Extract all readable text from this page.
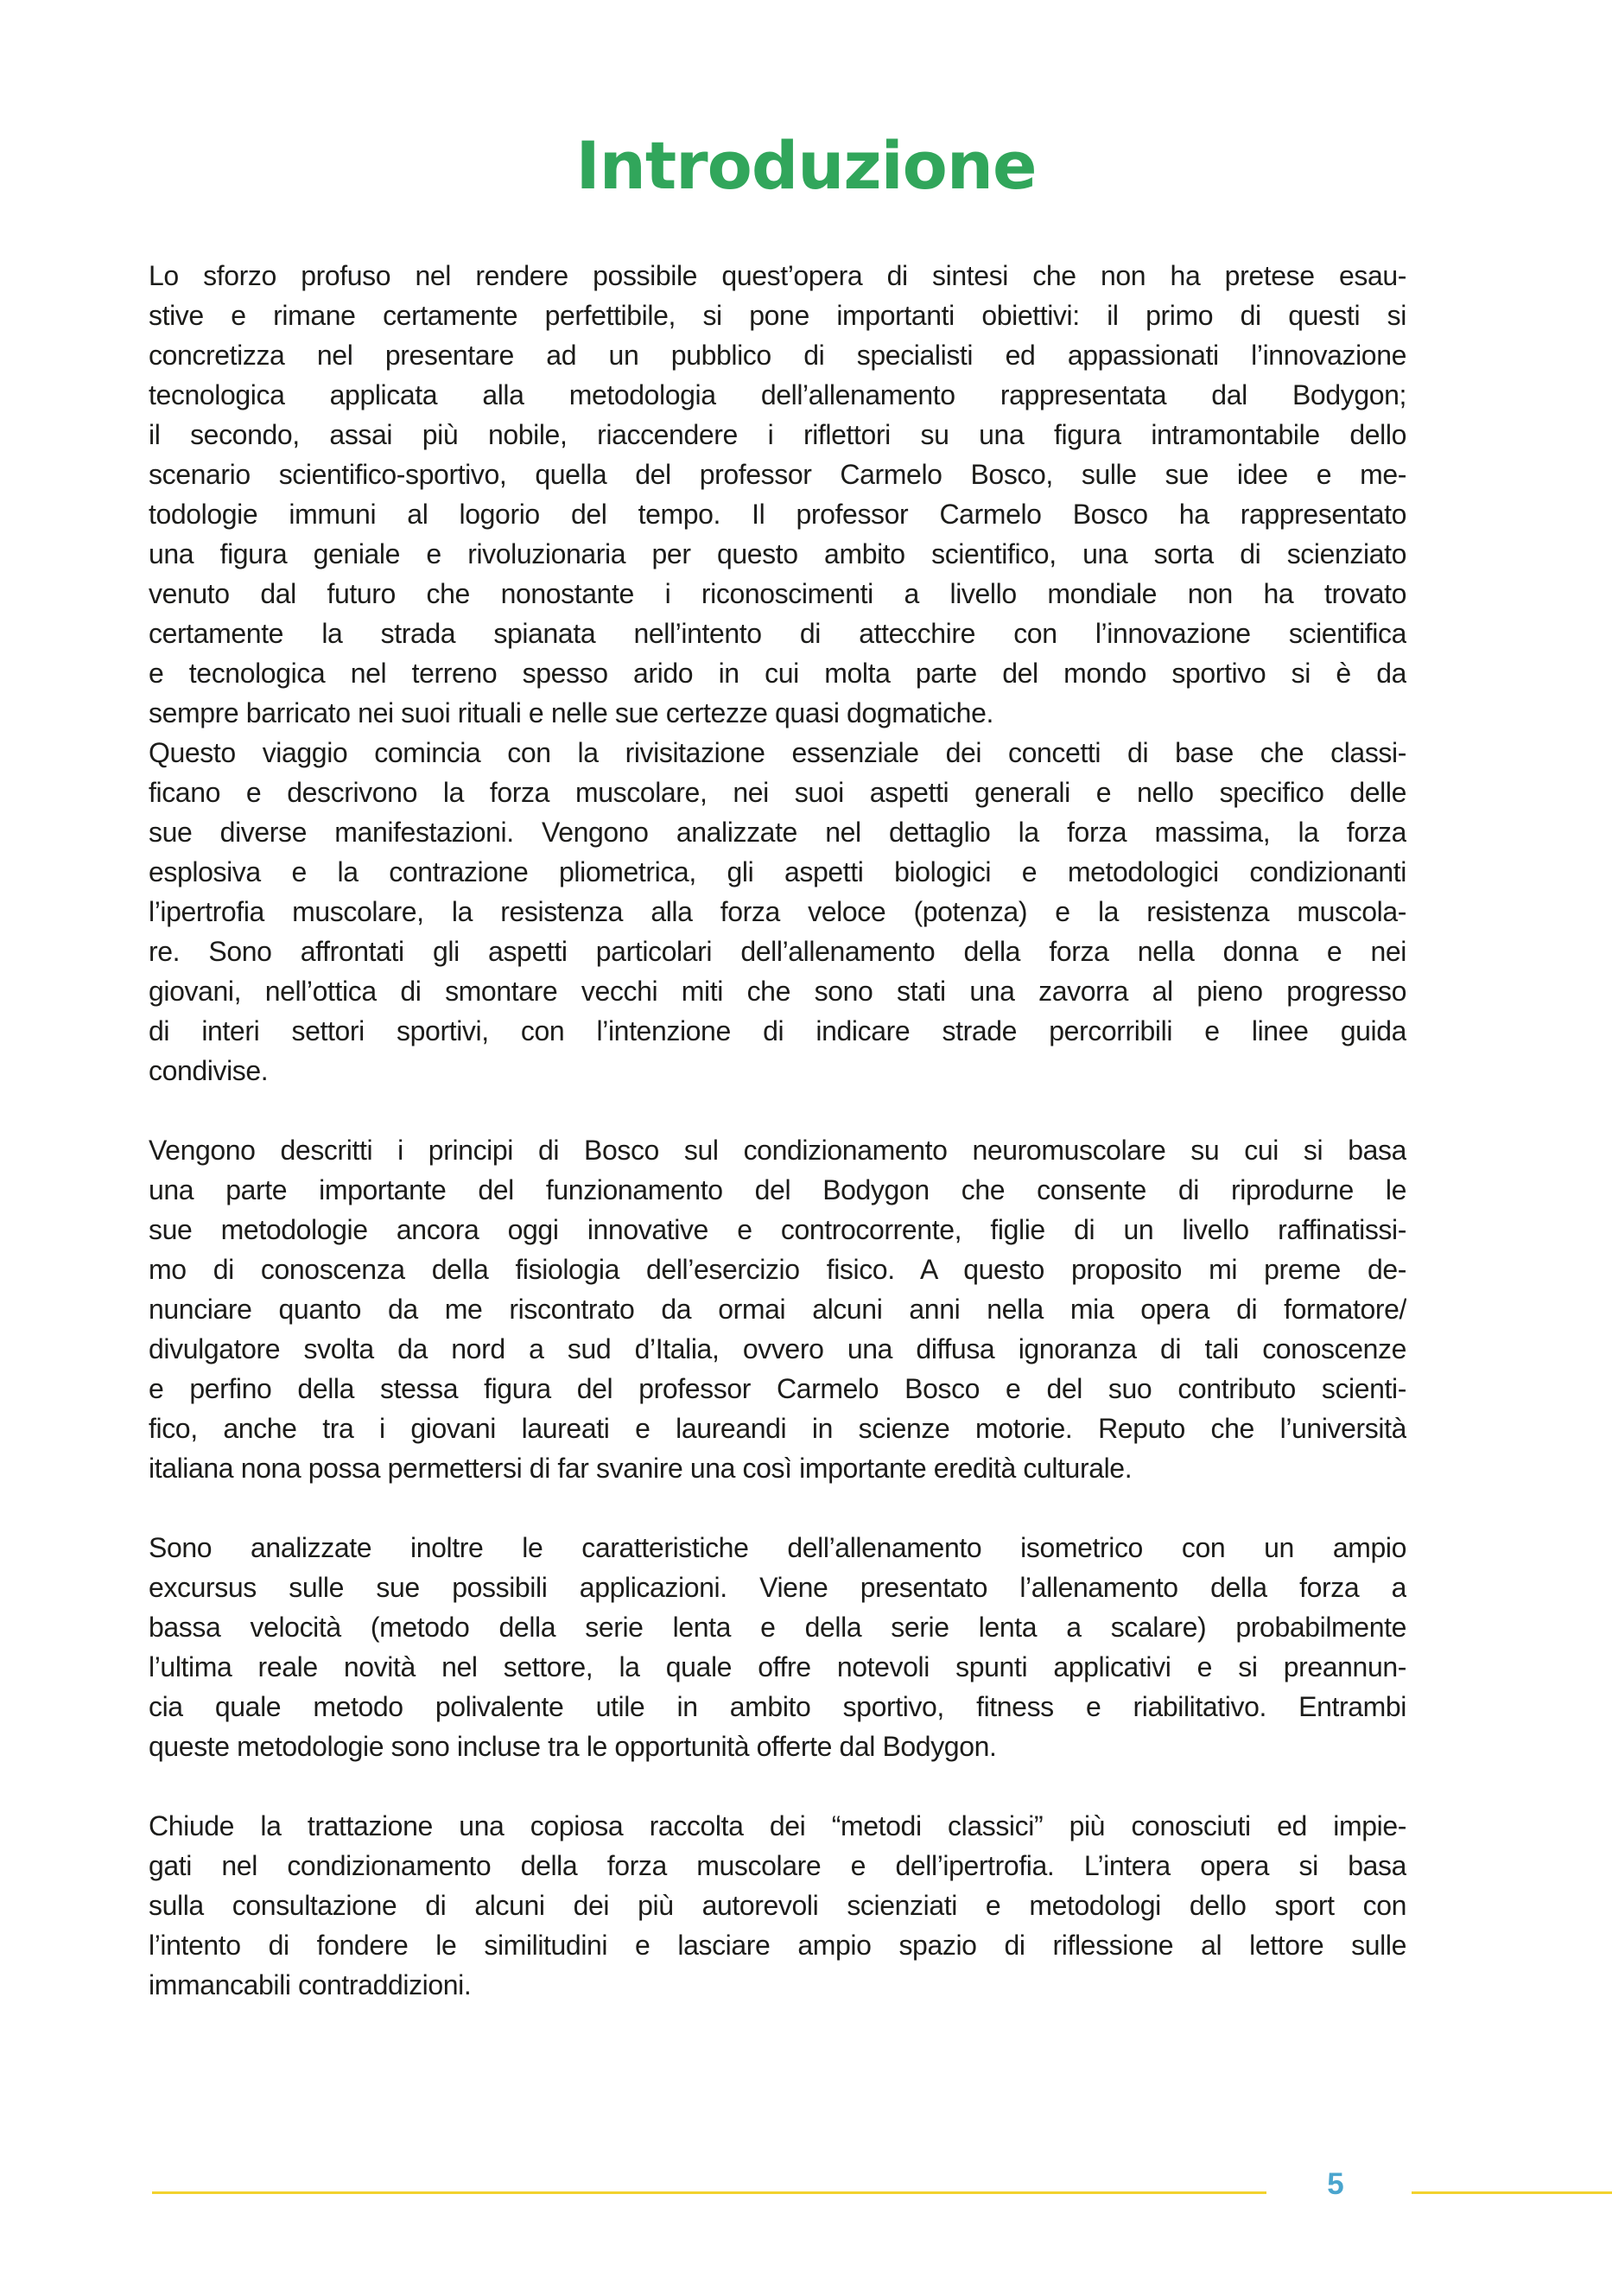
Introduzione
Lo sforzo profuso nel rendere possibile quest’opera di sintesi che non ha pretese esau-
stive e rimane certamente perfettibile, si pone importanti obiettivi: il primo di questi si
concretizza nel presentare ad un pubblico di specialisti ed appassionati l’innovazione
tecnologica applicata alla metodologia dell’allenamento rappresentata dal Bodygon;
il secondo, assai più nobile, riaccendere i riflettori su una figura intramontabile dello
scenario scientifico-sportivo, quella del professor Carmelo Bosco, sulle sue idee e me-
todologie immuni al logorio del tempo. Il professor Carmelo Bosco ha rappresentato
una figura geniale e rivoluzionaria per questo ambito scientifico, una sorta di scienziato
venuto dal futuro che nonostante i riconoscimenti a livello mondiale non ha trovato
certamente la strada spianata nell’intento di attecchire con l’innovazione scientifica
e tecnologica nel terreno spesso arido in cui molta parte del mondo sportivo si è da
sempre barricato nei suoi rituali e nelle sue certezze quasi dogmatiche.
Questo viaggio comincia con la rivisitazione essenziale dei concetti di base che classi-
ficano e descrivono la forza muscolare, nei suoi aspetti generali e nello specifico delle
sue diverse manifestazioni. Vengono analizzate nel dettaglio la forza massima, la forza
esplosiva e la contrazione pliometrica, gli aspetti biologici e metodologici condizionanti
l’ipertrofia muscolare, la resistenza alla forza veloce (potenza) e la resistenza muscola-
re. Sono affrontati gli aspetti particolari dell’allenamento della forza nella donna e nei
giovani, nell’ottica di smontare vecchi miti che sono stati una zavorra al pieno progresso
di interi settori sportivi, con l’intenzione di indicare strade percorribili e linee guida
condivise.
Vengono descritti i principi di Bosco sul condizionamento neuromuscolare su cui si basa
una parte importante del funzionamento del Bodygon che consente di riprodurne le
sue metodologie ancora oggi innovative e controcorrente, figlie di un livello raffinatissi-
mo di conoscenza della fisiologia dell’esercizio fisico. A questo proposito mi preme de-
nunciare quanto da me riscontrato da ormai alcuni anni nella mia opera di formatore/
divulgatore svolta da nord a sud d’Italia, ovvero una diffusa ignoranza di tali conoscenze
e perfino della stessa figura del professor Carmelo Bosco e del suo contributo scienti-
fico, anche tra i giovani laureati e laureandi in scienze motorie. Reputo che l’università
italiana nona possa permettersi di far svanire una così importante eredità culturale.
Sono analizzate inoltre le caratteristiche dell’allenamento isometrico con un ampio
excursus sulle sue possibili applicazioni. Viene presentato l’allenamento della forza a
bassa velocità (metodo della serie lenta e della serie lenta a scalare) probabilmente
l’ultima reale novità nel settore, la quale offre notevoli spunti applicativi e si preannun-
cia quale metodo polivalente utile in ambito sportivo, fitness e riabilitativo. Entrambi
queste metodologie sono incluse tra le opportunità offerte dal Bodygon.
Chiude la trattazione una copiosa raccolta dei “metodi classici” più conosciuti ed impie-
gati nel condizionamento della forza muscolare e dell’ipertrofia. L’intera opera si basa
sulla consultazione di alcuni dei più autorevoli scienziati e metodologi dello sport con
l’intento di fondere le similitudini e lasciare ampio spazio di riflessione al lettore sulle
immancabili contraddizioni.
5
